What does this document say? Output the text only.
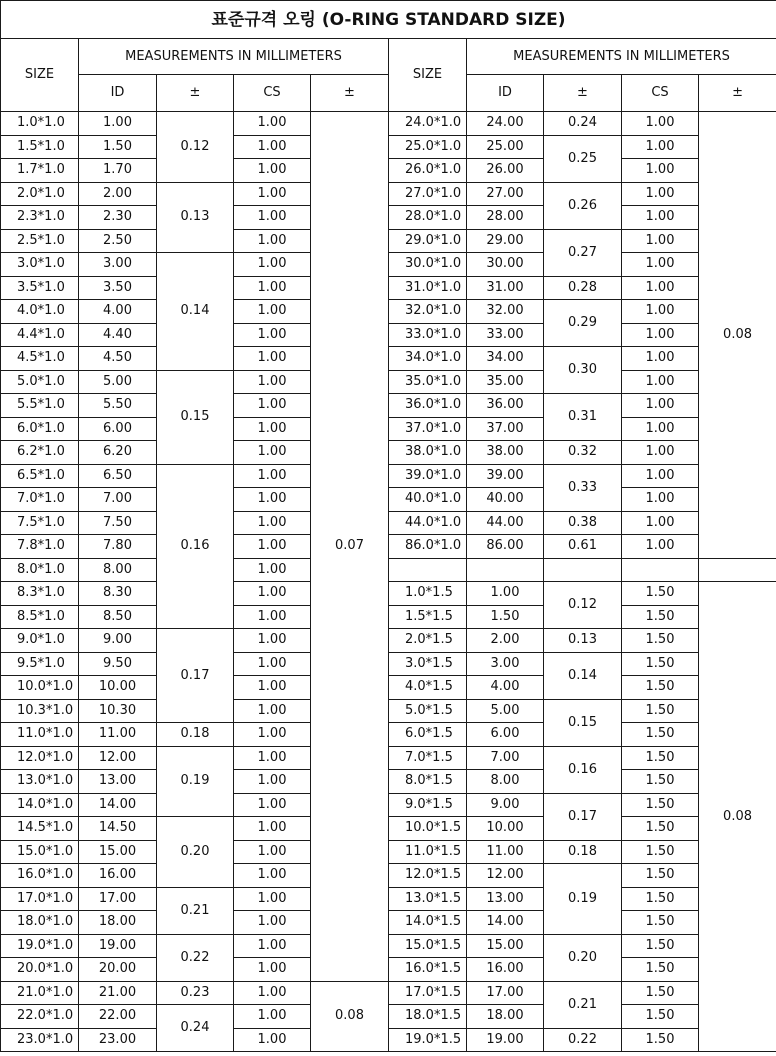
표준규격 오링 (O-RING STANDARD SIZE)									
SIZE	MEASUREMENTS IN MILLIMETERS				SIZE	MEASUREMENTS IN MILLIMETERS			
	ID	±	CS	±		ID	±	CS	±
1.0*1.0	1.00	0.12	1.00	0.07	24.0*1.0	24.00	0.24	1.00	0.08
1.5*1.0	1.50		1.00		25.0*1.0	25.00	0.25	1.00	
1.7*1.0	1.70		1.00		26.0*1.0	26.00		1.00	
2.0*1.0	2.00	0.13	1.00		27.0*1.0	27.00	0.26	1.00	
2.3*1.0	2.30		1.00		28.0*1.0	28.00		1.00	
2.5*1.0	2.50		1.00		29.0*1.0	29.00	0.27	1.00	
3.0*1.0	3.00	0.14	1.00		30.0*1.0	30.00		1.00	
3.5*1.0	3.50		1.00		31.0*1.0	31.00	0.28	1.00	
4.0*1.0	4.00		1.00		32.0*1.0	32.00	0.29	1.00	
4.4*1.0	4.40		1.00		33.0*1.0	33.00		1.00	
4.5*1.0	4.50		1.00		34.0*1.0	34.00	0.30	1.00	
5.0*1.0	5.00	0.15	1.00		35.0*1.0	35.00		1.00	
5.5*1.0	5.50		1.00		36.0*1.0	36.00	0.31	1.00	
6.0*1.0	6.00		1.00		37.0*1.0	37.00		1.00	
6.2*1.0	6.20		1.00		38.0*1.0	38.00	0.32	1.00	
6.5*1.0	6.50	0.16	1.00		39.0*1.0	39.00	0.33	1.00	
7.0*1.0	7.00		1.00		40.0*1.0	40.00		1.00	
7.5*1.0	7.50		1.00		44.0*1.0	44.00	0.38	1.00	
7.8*1.0	7.80		1.00		86.0*1.0	86.00	0.61	1.00	
8.0*1.0	8.00		1.00						
8.3*1.0	8.30		1.00		1.0*1.5	1.00	0.12	1.50	0.08
8.5*1.0	8.50		1.00		1.5*1.5	1.50		1.50	
9.0*1.0	9.00	0.17	1.00		2.0*1.5	2.00	0.13	1.50	
9.5*1.0	9.50		1.00		3.0*1.5	3.00	0.14	1.50	
10.0*1.0	10.00		1.00		4.0*1.5	4.00		1.50	
10.3*1.0	10.30		1.00		5.0*1.5	5.00	0.15	1.50	
11.0*1.0	11.00	0.18	1.00		6.0*1.5	6.00		1.50	
12.0*1.0	12.00	0.19	1.00		7.0*1.5	7.00	0.16	1.50	
13.0*1.0	13.00		1.00		8.0*1.5	8.00		1.50	
14.0*1.0	14.00		1.00		9.0*1.5	9.00	0.17	1.50	
14.5*1.0	14.50	0.20	1.00		10.0*1.5	10.00		1.50	
15.0*1.0	15.00		1.00		11.0*1.5	11.00	0.18	1.50	
16.0*1.0	16.00		1.00		12.0*1.5	12.00	0.19	1.50	
17.0*1.0	17.00	0.21	1.00		13.0*1.5	13.00		1.50	
18.0*1.0	18.00		1.00		14.0*1.5	14.00		1.50	
19.0*1.0	19.00	0.22	1.00		15.0*1.5	15.00	0.20	1.50	
20.0*1.0	20.00		1.00		16.0*1.5	16.00		1.50	
21.0*1.0	21.00	0.23	1.00	0.08	17.0*1.5	17.00	0.21	1.50	
22.0*1.0	22.00	0.24	1.00		18.0*1.5	18.00		1.50	
23.0*1.0	23.00		1.00		19.0*1.5	19.00	0.22	1.50	
